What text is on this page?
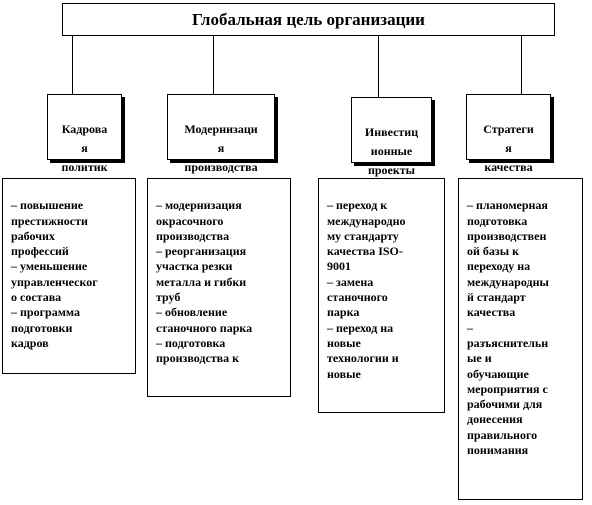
Глобальная цель организации

Кадрова
я
политик

Модернизаци
я
производства

Инвестиц
ионные
проекты

Стратеги
я
качества

– повышение
престижности
рабочих
профессий
– уменьшение
управленческог
о состава
– программа
подготовки
кадров

– модернизация
окрасочного
производства
– реорганизация
участка резки
металла и гибки
труб
– обновление
станочного парка
– подготовка
производства к

– переход к
международно
му стандарту
качества ISO-
9001
– замена
станочного
парка
– переход на
новые
технологии и
новые

– планомерная
подготовка
производствен
ой базы к
переходу на
международны
й стандарт
качества
–
разъяснительн
ые и
обучающие
мероприятия с
рабочими для
донесения
правильного
понимания
